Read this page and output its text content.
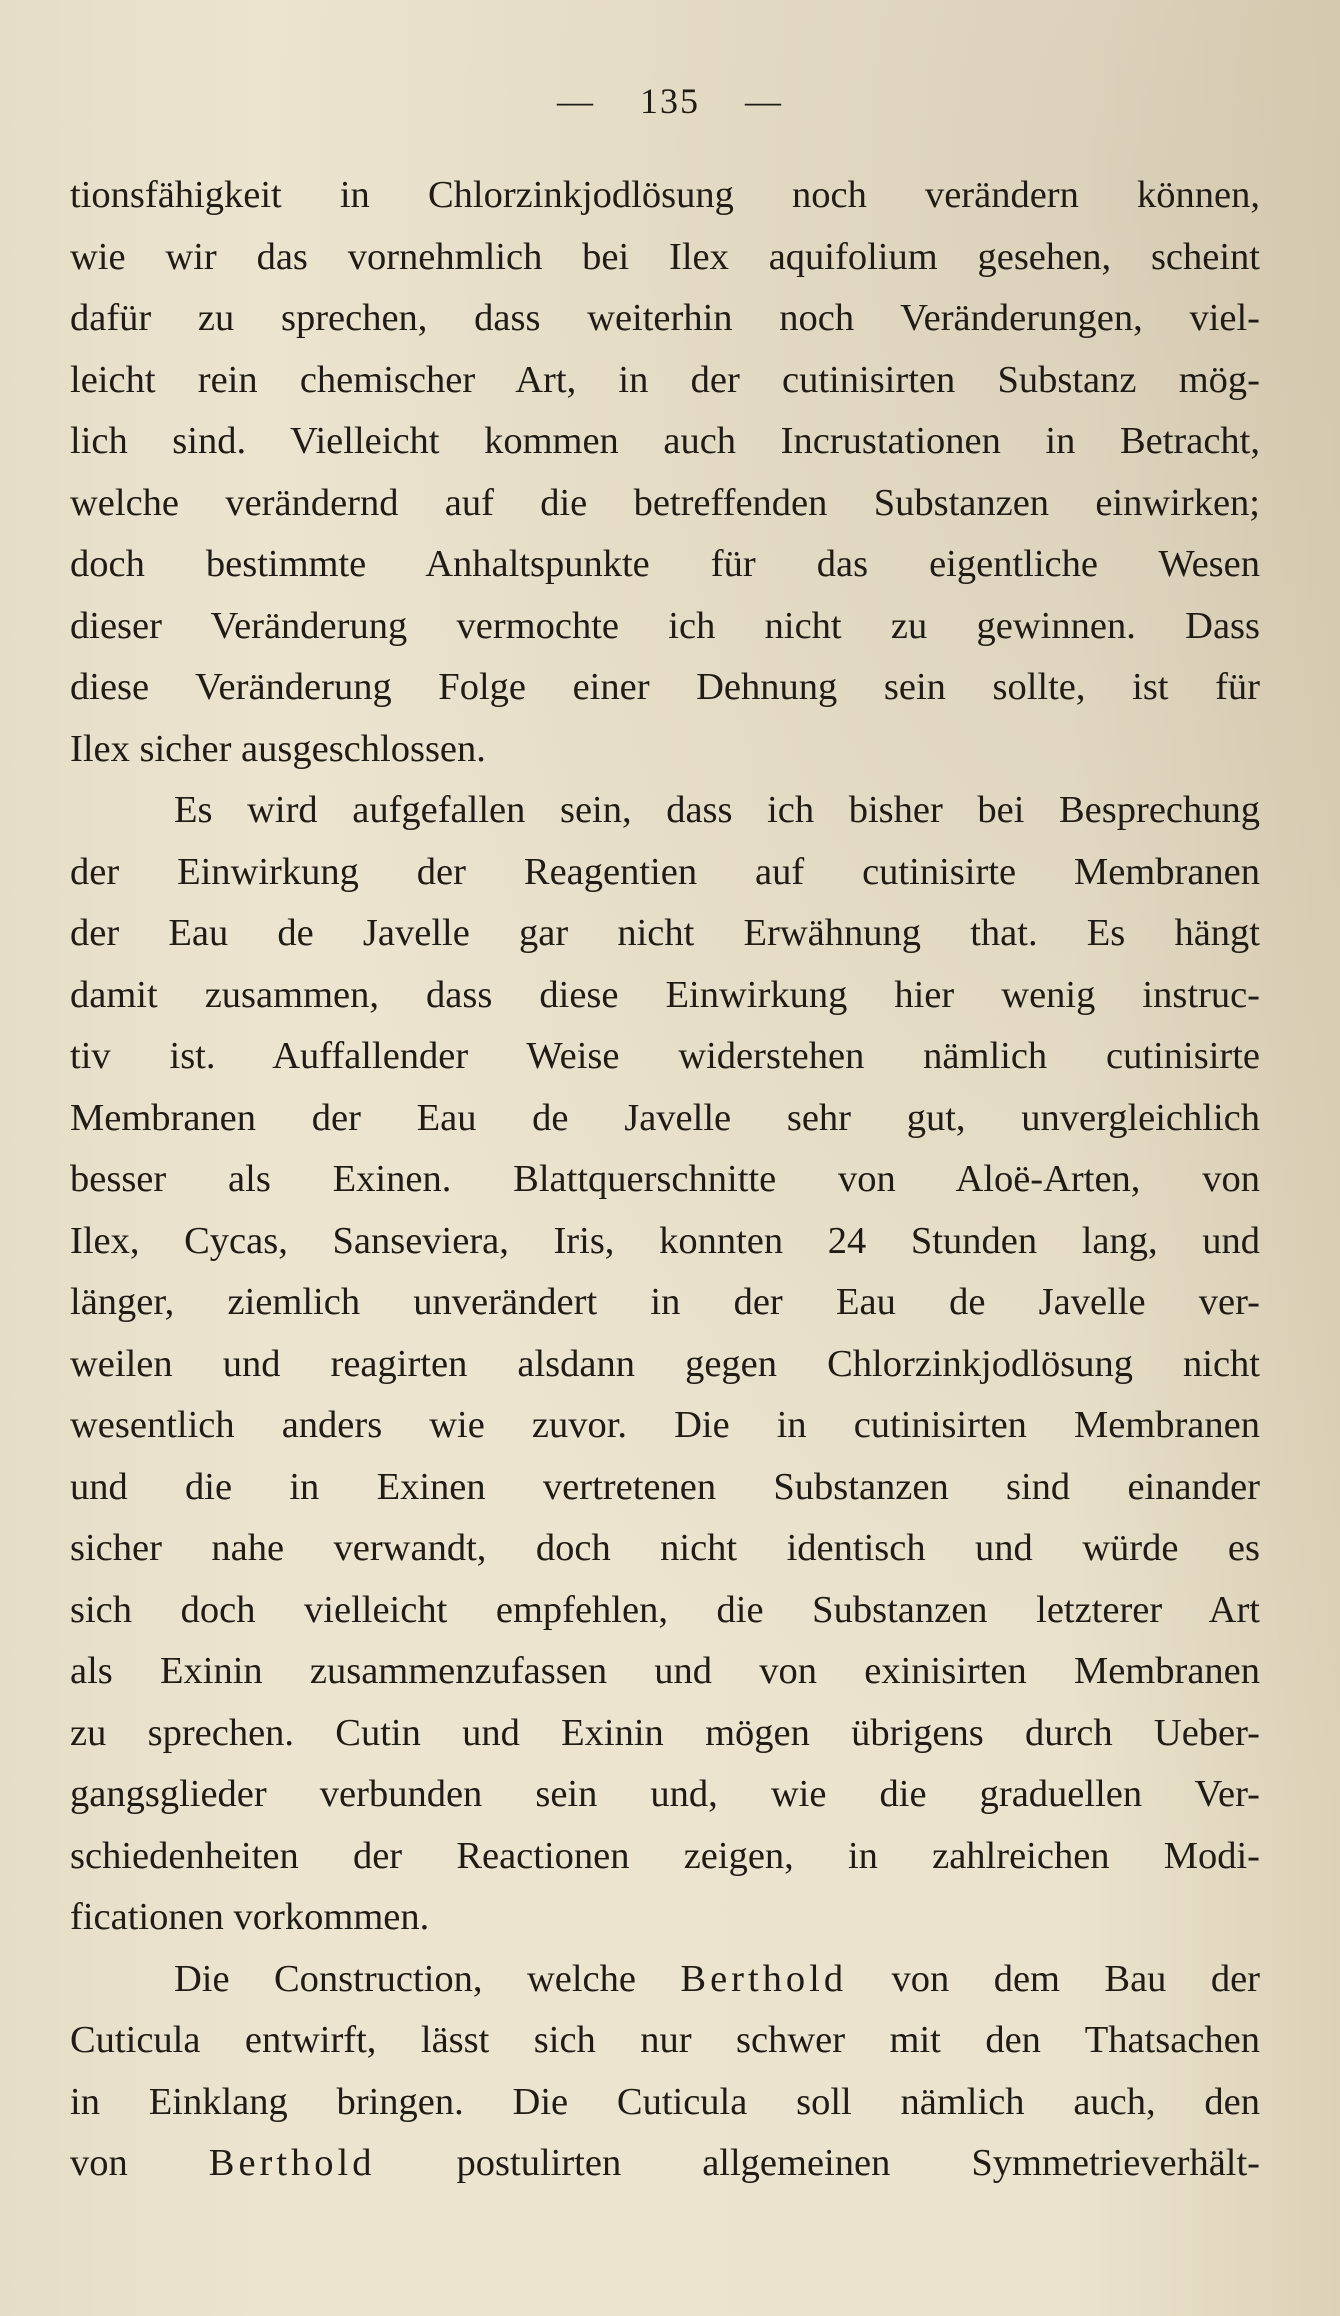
— 135 —
tionsfähigkeit in Chlorzinkjodlösung noch verändern können,
wie wir das vornehmlich bei Ilex aquifolium gesehen, scheint
dafür zu sprechen, dass weiterhin noch Veränderungen, viel-
leicht rein chemischer Art, in der cutinisirten Substanz mög-
lich sind. Vielleicht kommen auch Incrustationen in Betracht,
welche verändernd auf die betreffenden Substanzen einwirken;
doch bestimmte Anhaltspunkte für das eigentliche Wesen
dieser Veränderung vermochte ich nicht zu gewinnen. Dass
diese Veränderung Folge einer Dehnung sein sollte, ist für
Ilex sicher ausgeschlossen.
Es wird aufgefallen sein, dass ich bisher bei Besprechung
der Einwirkung der Reagentien auf cutinisirte Membranen
der Eau de Javelle gar nicht Erwähnung that. Es hängt
damit zusammen, dass diese Einwirkung hier wenig instruc-
tiv ist. Auffallender Weise widerstehen nämlich cutinisirte
Membranen der Eau de Javelle sehr gut, unvergleichlich
besser als Exinen. Blattquerschnitte von Aloë-Arten, von
Ilex, Cycas, Sanseviera, Iris, konnten 24 Stunden lang, und
länger, ziemlich unverändert in der Eau de Javelle ver-
weilen und reagirten alsdann gegen Chlorzinkjodlösung nicht
wesentlich anders wie zuvor. Die in cutinisirten Membranen
und die in Exinen vertretenen Substanzen sind einander
sicher nahe verwandt, doch nicht identisch und würde es
sich doch vielleicht empfehlen, die Substanzen letzterer Art
als Exinin zusammenzufassen und von exinisirten Membranen
zu sprechen. Cutin und Exinin mögen übrigens durch Ueber-
gangsglieder verbunden sein und, wie die graduellen Ver-
schiedenheiten der Reactionen zeigen, in zahlreichen Modi-
ficationen vorkommen.
Die Construction, welche Berthold von dem Bau der
Cuticula entwirft, lässt sich nur schwer mit den Thatsachen
in Einklang bringen. Die Cuticula soll nämlich auch, den
von Berthold postulirten allgemeinen Symmetrieverhält-
